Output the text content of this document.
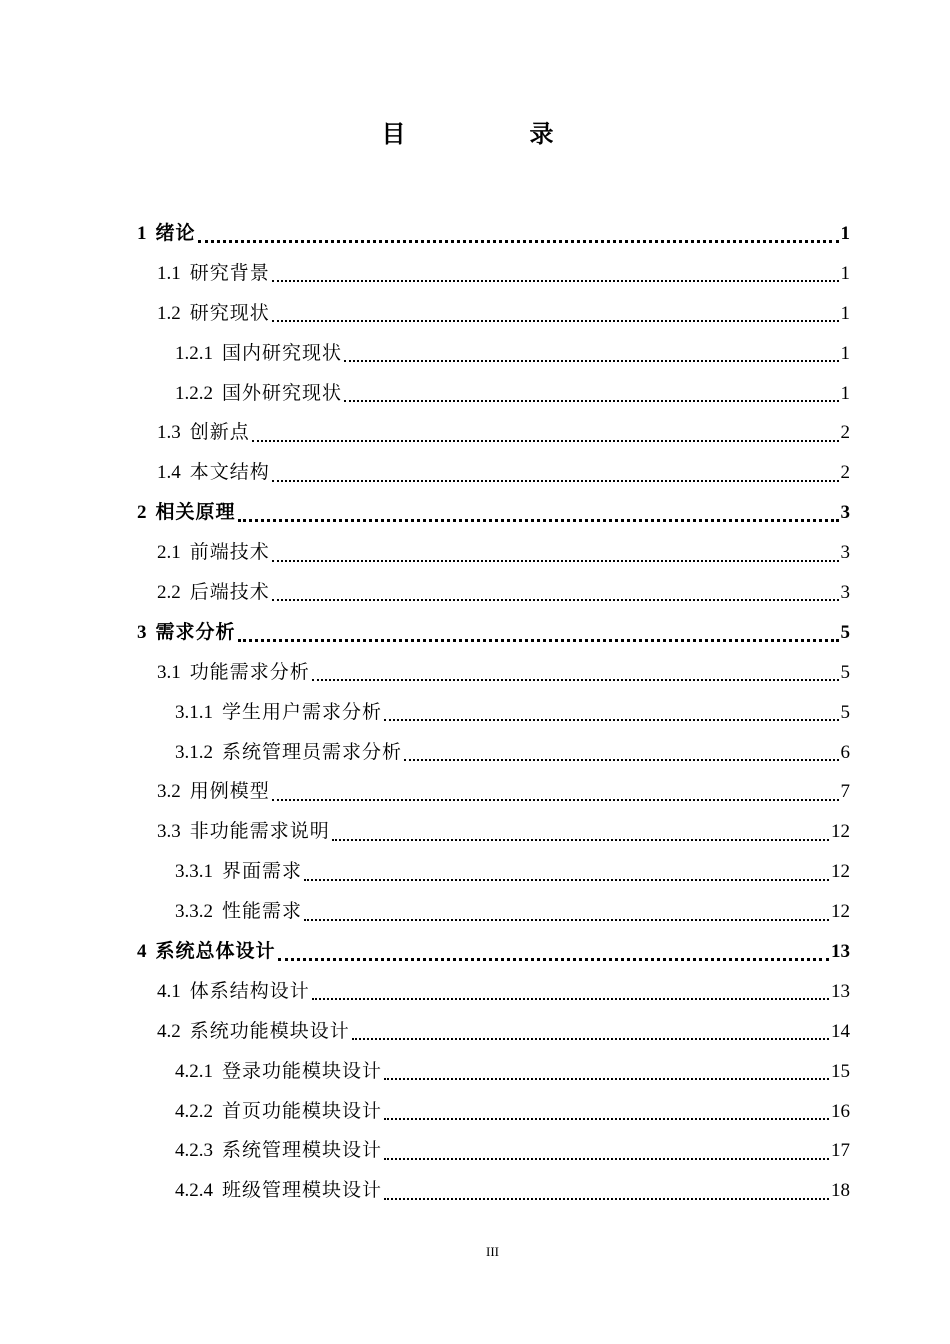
目　录
1 绪论	1
1.1 研究背景	1
1.2 研究现状	1
1.2.1 国内研究现状	1
1.2.2 国外研究现状	1
1.3 创新点	2
1.4 本文结构	2
2 相关原理	3
2.1 前端技术	3
2.2 后端技术	3
3 需求分析	5
3.1 功能需求分析	5
3.1.1 学生用户需求分析	5
3.1.2 系统管理员需求分析	6
3.2 用例模型	7
3.3 非功能需求说明	12
3.3.1 界面需求	12
3.3.2 性能需求	12
4 系统总体设计	13
4.1 体系结构设计	13
4.2 系统功能模块设计	14
4.2.1 登录功能模块设计	15
4.2.2 首页功能模块设计	16
4.2.3 系统管理模块设计	17
4.2.4 班级管理模块设计	18
III
